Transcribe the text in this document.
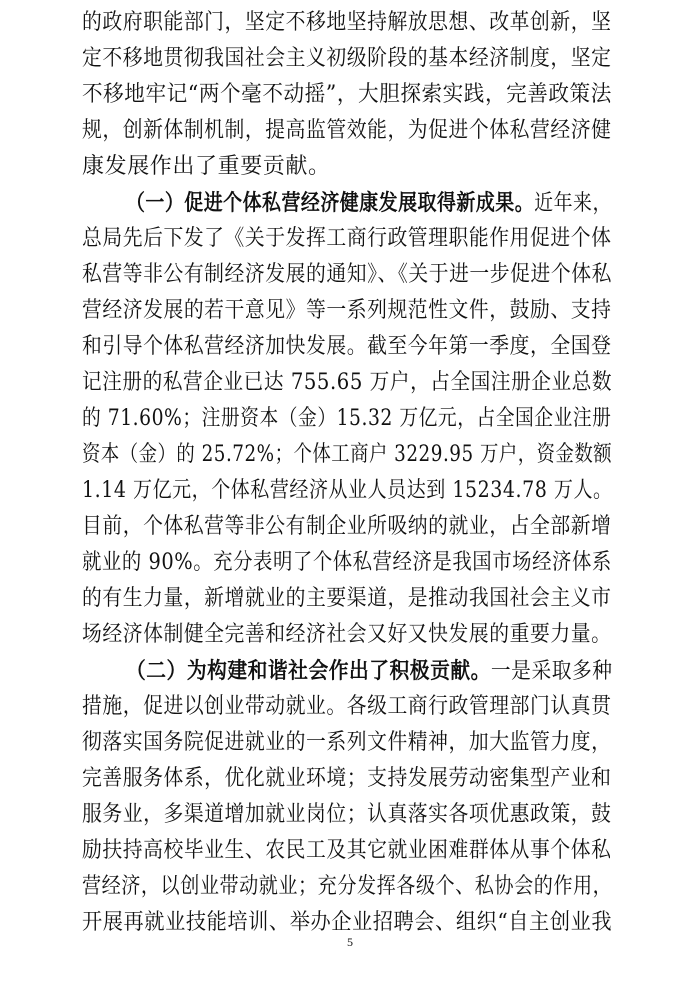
的政府职能部门，坚定不移地坚持解放思想、改革创新，坚
定不移地贯彻我国社会主义初级阶段的基本经济制度，坚定
不移地牢记“两个毫不动摇”，大胆探索实践，完善政策法
规，创新体制机制，提高监管效能，为促进个体私营经济健
康发展作出了重要贡献。
（一）促进个体私营经济健康发展取得新成果。近年来，
总局先后下发了《关于发挥工商行政管理职能作用促进个体
私营等非公有制经济发展的通知》、《关于进一步促进个体私
营经济发展的若干意见》等一系列规范性文件，鼓励、支持
和引导个体私营经济加快发展。截至今年第一季度，全国登
记注册的私营企业已达 755.65 万户，占全国注册企业总数
的 71.60%；注册资本（金）15.32 万亿元，占全国企业注册
资本（金）的 25.72%；个体工商户 3229.95 万户，资金数额
1.14 万亿元，个体私营经济从业人员达到 15234.78 万人。
目前，个体私营等非公有制企业所吸纳的就业，占全部新增
就业的 90%。充分表明了个体私营经济是我国市场经济体系
的有生力量，新增就业的主要渠道，是推动我国社会主义市
场经济体制健全完善和经济社会又好又快发展的重要力量。
（二）为构建和谐社会作出了积极贡献。一是采取多种
措施，促进以创业带动就业。各级工商行政管理部门认真贯
彻落实国务院促进就业的一系列文件精神，加大监管力度，
完善服务体系，优化就业环境；支持发展劳动密集型产业和
服务业，多渠道增加就业岗位；认真落实各项优惠政策，鼓
励扶持高校毕业生、农民工及其它就业困难群体从事个体私
营经济，以创业带动就业；充分发挥各级个、私协会的作用，
开展再就业技能培训、举办企业招聘会、组织“自主创业我
5
